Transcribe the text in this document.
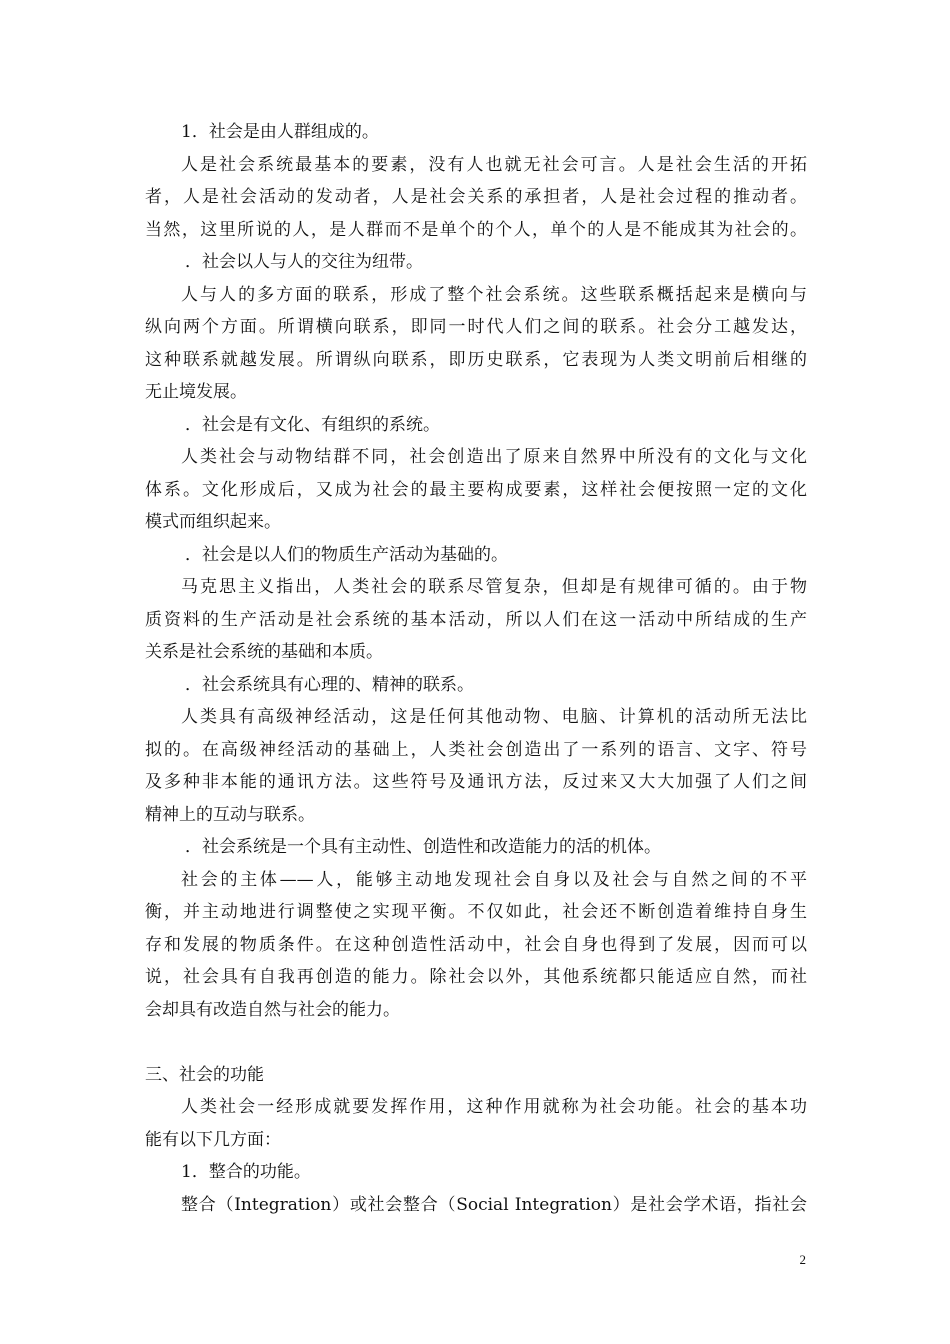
1．社会是由人群组成的。
人是社会系统最基本的要素，没有人也就无社会可言。人是社会生活的开拓
者，人是社会活动的发动者，人是社会关系的承担者，人是社会过程的推动者。
当然，这里所说的人，是人群而不是单个的个人，单个的人是不能成其为社会的。
．社会以人与人的交往为纽带。
人与人的多方面的联系，形成了整个社会系统。这些联系概括起来是横向与
纵向两个方面。所谓横向联系，即同一时代人们之间的联系。社会分工越发达，
这种联系就越发展。所谓纵向联系，即历史联系，它表现为人类文明前后相继的
无止境发展。
．社会是有文化、有组织的系统。
人类社会与动物结群不同，社会创造出了原来自然界中所没有的文化与文化
体系。文化形成后，又成为社会的最主要构成要素，这样社会便按照一定的文化
模式而组织起来。
．社会是以人们的物质生产活动为基础的。
马克思主义指出，人类社会的联系尽管复杂，但却是有规律可循的。由于物
质资料的生产活动是社会系统的基本活动，所以人们在这一活动中所结成的生产
关系是社会系统的基础和本质。
．社会系统具有心理的、精神的联系。
人类具有高级神经活动，这是任何其他动物、电脑、计算机的活动所无法比
拟的。在高级神经活动的基础上，人类社会创造出了一系列的语言、文字、符号
及多种非本能的通讯方法。这些符号及通讯方法，反过来又大大加强了人们之间
精神上的互动与联系。
．社会系统是一个具有主动性、创造性和改造能力的活的机体。
社会的主体——人，能够主动地发现社会自身以及社会与自然之间的不平
衡，并主动地进行调整使之实现平衡。不仅如此，社会还不断创造着维持自身生
存和发展的物质条件。在这种创造性活动中，社会自身也得到了发展，因而可以
说，社会具有自我再创造的能力。除社会以外，其他系统都只能适应自然，而社
会却具有改造自然与社会的能力。
三、社会的功能
人类社会一经形成就要发挥作用，这种作用就称为社会功能。社会的基本功
能有以下几方面：
1．整合的功能。
整合（Integration）或社会整合（Social Integration）是社会学术语，指社会
2
